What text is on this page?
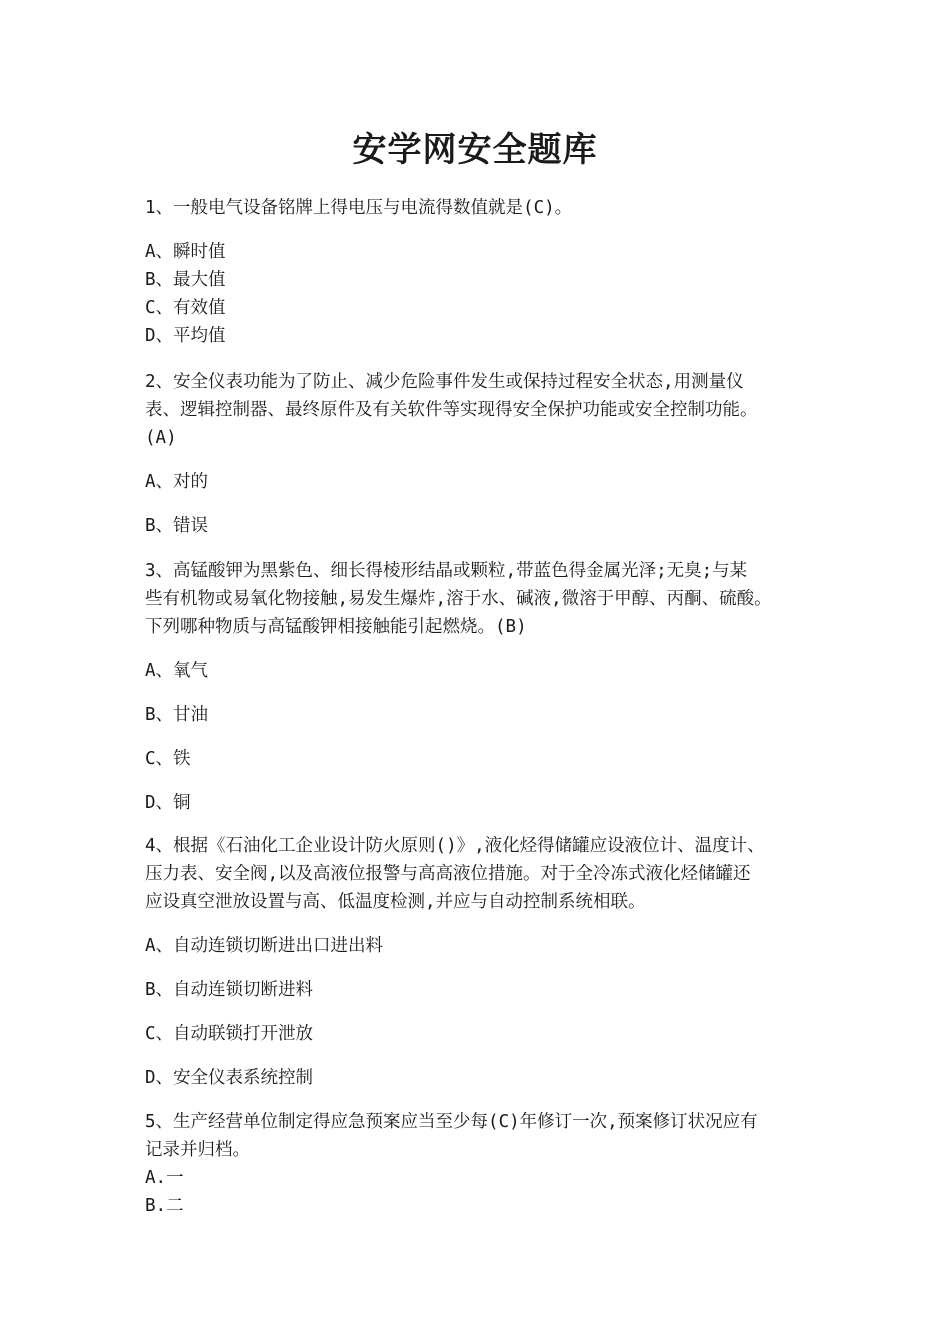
安学网安全题库
1、一般电气设备铭牌上得电压与电流得数值就是(C)。
A、瞬时值
B、最大值
C、有效值
D、平均值
2、安全仪表功能为了防止、减少危险事件发生或保持过程安全状态,用测量仪
表、逻辑控制器、最终原件及有关软件等实现得安全保护功能或安全控制功能。
(A)
A、对的
B、错误
3、高锰酸钾为黑紫色、细长得棱形结晶或颗粒,带蓝色得金属光泽;无臭;与某
些有机物或易氧化物接触,易发生爆炸,溶于水、碱液,微溶于甲醇、丙酮、硫酸。
下列哪种物质与高锰酸钾相接触能引起燃烧。(B)
A、氧气
B、甘油
C、铁
D、铜
4、根据《石油化工企业设计防火原则()》,液化烃得储罐应设液位计、温度计、
压力表、安全阀,以及高液位报警与高高液位措施。对于全冷冻式液化烃储罐还
应设真空泄放设置与高、低温度检测,并应与自动控制系统相联。
A、自动连锁切断进出口进出料
B、自动连锁切断进料
C、自动联锁打开泄放
D、安全仪表系统控制
5、生产经营单位制定得应急预案应当至少每(C)年修订一次,预案修订状况应有
记录并归档。
A.一
B.二
